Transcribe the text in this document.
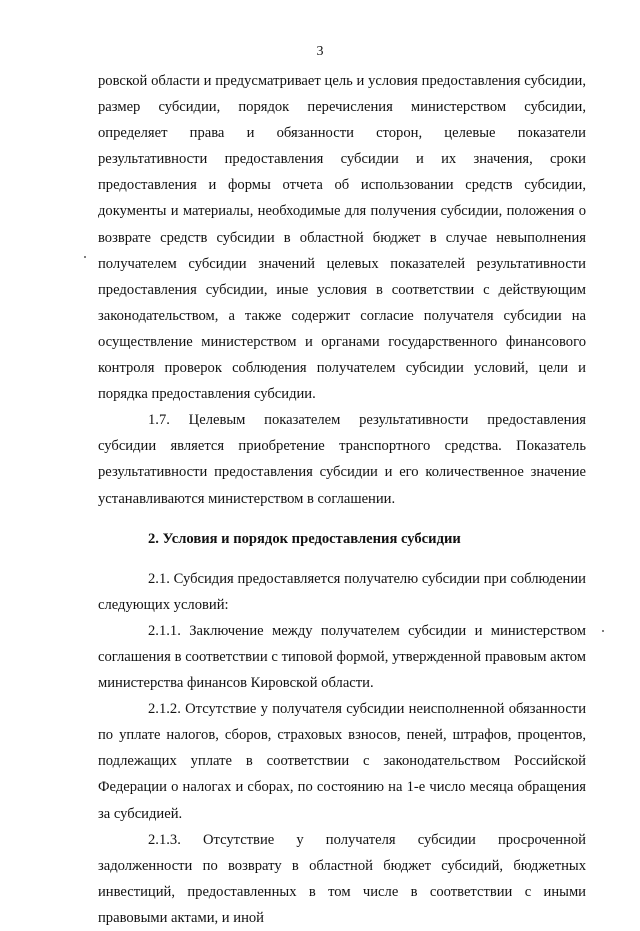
3

ровской области и предусматривает цель и условия предоставления субсидии, размер субсидии, порядок перечисления министерством субсидии, определяет права и обязанности сторон, целевые показатели результативности предоставления субсидии и их значения, сроки предоставления и формы отчета об использовании средств субсидии, документы и материалы, необходимые для получения субсидии, положения о возврате средств субсидии в областной бюджет в случае невыполнения получателем субсидии значений целевых показателей результативности предоставления субсидии, иные условия в соответствии с действующим законодательством, а также содержит согласие получателя субсидии на осуществление министерством и органами государственного финансового контроля проверок соблюдения получателем субсидии условий, цели и порядка предоставления субсидии.

1.7. Целевым показателем результативности предоставления субсидии является приобретение транспортного средства. Показатель результативности предоставления субсидии и его количественное значение устанавливаются министерством в соглашении.

2. Условия и порядок предоставления субсидии

2.1. Субсидия предоставляется получателю субсидии при соблюдении следующих условий:

2.1.1. Заключение между получателем субсидии и министерством соглашения в соответствии с типовой формой, утвержденной правовым актом министерства финансов Кировской области.

2.1.2. Отсутствие у получателя субсидии неисполненной обязанности по уплате налогов, сборов, страховых взносов, пеней, штрафов, процентов, подлежащих уплате в соответствии с законодательством Российской Федерации о налогах и сборах, по состоянию на 1-е число месяца обращения за субсидией.

2.1.3. Отсутствие у получателя субсидии просроченной задолженности по возврату в областной бюджет субсидий, бюджетных инвестиций, предоставленных в том числе в соответствии с иными правовыми актами, и иной
